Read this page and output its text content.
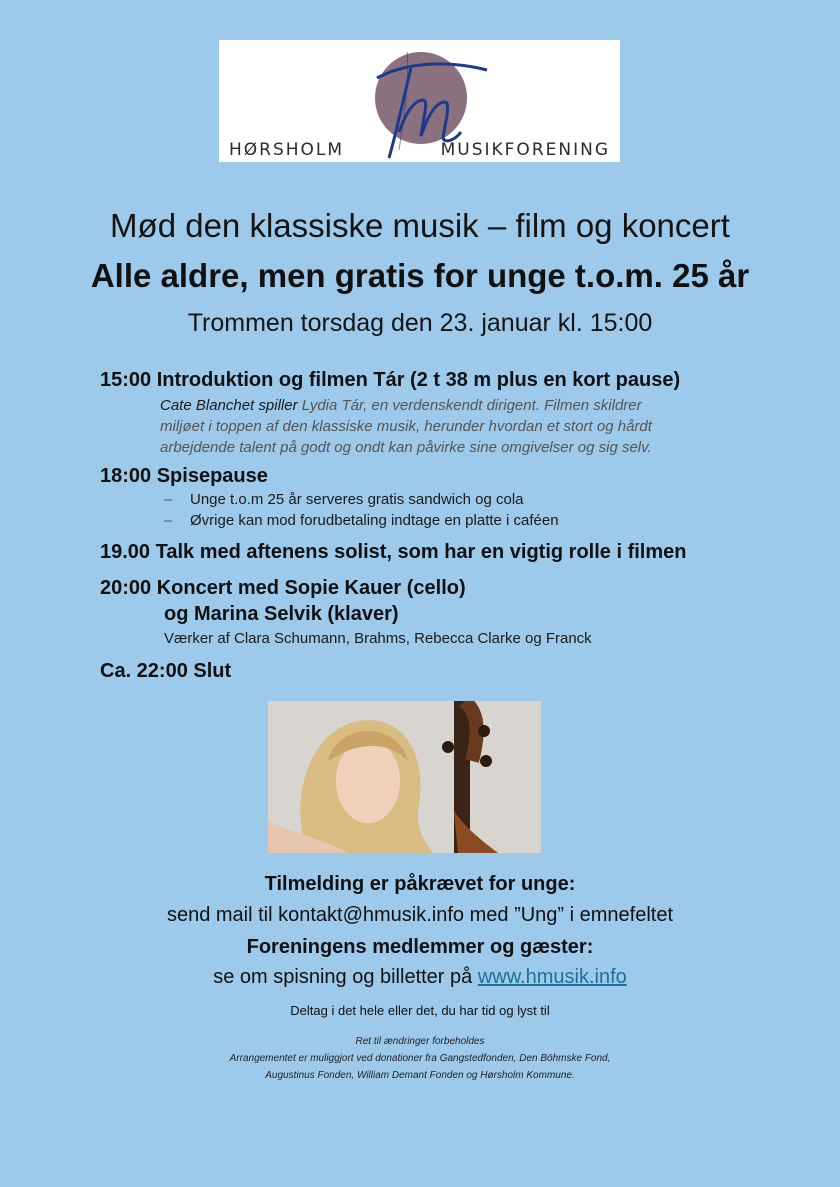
HØRSHOLM	MUSIKFORENING
Mød den klassiske musik – film og koncert
Alle aldre, men gratis for unge t.o.m. 25 år
Trommen torsdag den 23. januar kl. 15:00
15:00 Introduktion og filmen Tár (2 t 38 m plus en kort pause)
Cate Blanchet spiller Lydia Tár, en verdenskendt dirigent. Filmen skildrer
miljøet i toppen af den klassiske musik, herunder hvordan et stort og hårdt
arbejdende talent på godt og ondt kan påvirke sine omgivelser og sig selv.
18:00 Spisepause
– Unge t.o.m 25 år serveres gratis sandwich og cola
– Øvrige kan mod forudbetaling indtage en platte i caféen
19.00 Talk med aftenens solist, som har en vigtig rolle i filmen
20:00 Koncert med Sopie Kauer (cello)
og Marina Selvik (klaver)
Værker af Clara Schumann, Brahms, Rebecca Clarke og Franck
Ca. 22:00 Slut
Tilmelding er påkrævet for unge:
send mail til kontakt@hmusik.info med ”Ung” i emnefeltet
Foreningens medlemmer og gæster:
se om spisning og billetter på www.hmusik.info
Deltag i det hele eller det, du har tid og lyst til
Ret til ændringer forbeholdes
Arrangementet er muliggjort ved donationer fra Gangstedfonden, Den Böhmske Fond,
Augustinus Fonden, William Demant Fonden og Hørsholm Kommune.
